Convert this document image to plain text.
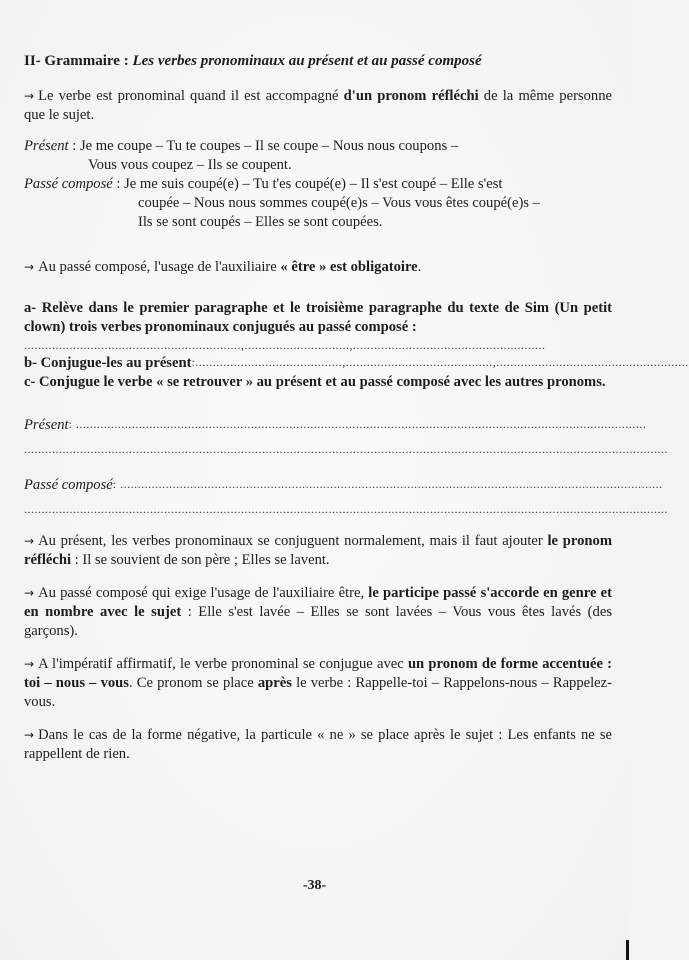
II- Grammaire : Les verbes pronominaux au présent et au passé composé

→ Le verbe est pronominal quand il est accompagné d'un pronom réfléchi de la même personne que le sujet.

Présent : Je me coupe – Tu te coupes – Il se coupe – Nous nous coupons –

Vous vous coupez – Ils se coupent.

Passé composé : Je me suis coupé(e) – Tu t'es coupé(e) – Il s'est coupé – Elle s'est

coupée – Nous nous sommes coupé(e)s – Vous vous êtes coupé(e)s –

Ils se sont coupés – Elles se sont coupées.

→ Au passé composé, l'usage de l'auxiliaire « être » est obligatoire.

a- Relève dans le premier paragraphe et le troisième paragraphe du texte de Sim (Un petit clown) trois verbes pronominaux conjugués au passé composé :

..............................................................,..............................,.......................................................
b- Conjugue-les au présent :..........................................,..........................................,.......................................................

c- Conjugue le verbe « se retrouver » au présent et au passé composé avec les autres pronoms.

Présent : ...................................................................................................................................................................
........................................................................................................................................................................................
Passé composé : ...........................................................................................................................................................
........................................................................................................................................................................................

→ Au présent, les verbes pronominaux se conjuguent normalement, mais il faut ajouter le pronom réfléchi : Il se souvient de son père ; Elles se lavent.

→ Au passé composé qui exige l'usage de l'auxiliaire être, le participe passé s'accorde en genre et en nombre avec le sujet : Elle s'est lavée – Elles se sont lavées – Vous vous êtes lavés (des garçons).

→ A l'impératif affirmatif, le verbe pronominal se conjugue avec un pronom de forme accentuée : toi – nous – vous. Ce pronom se place après le verbe : Rappelle-toi – Rappelons-nous – Rappelez-vous.

→ Dans le cas de la forme négative, la particule « ne » se place après le sujet : Les enfants ne se rappellent de rien.

-38-
